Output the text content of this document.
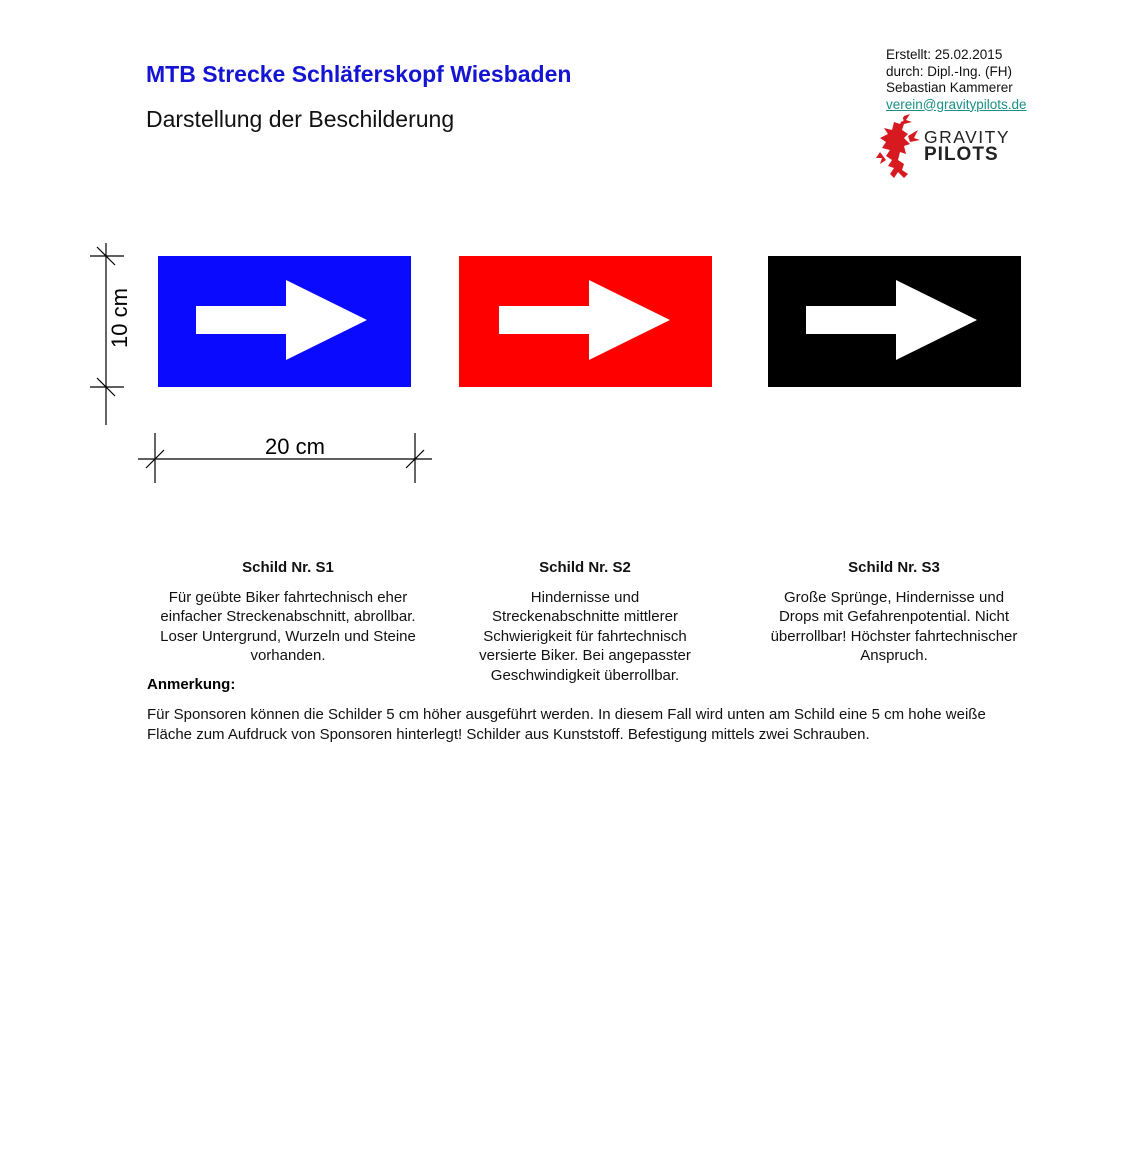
MTB Strecke Schläferskopf Wiesbaden
Darstellung der Beschilderung
Erstellt: 25.02.2015
durch: Dipl.-Ing. (FH)
Sebastian Kammerer
verein@gravitypilots.de
GRAVITY
PILOTS
10 cm
20 cm
Schild Nr. S1
Für geübte Biker fahrtechnisch eher einfacher Streckenabschnitt, abrollbar. Loser Untergrund, Wurzeln und Steine vorhanden.
Schild Nr. S2
Hindernisse und Streckenabschnitte mittlerer Schwierigkeit für fahrtechnisch versierte Biker. Bei angepasster Geschwindigkeit überrollbar.
Schild Nr. S3
Große Sprünge, Hindernisse und Drops mit Gefahrenpotential. Nicht überrollbar! Höchster fahrtechnischer Anspruch.
Anmerkung:
Für Sponsoren können die Schilder 5 cm höher ausgeführt werden. In diesem Fall wird unten am Schild eine 5 cm hohe weiße Fläche zum Aufdruck von Sponsoren hinterlegt! Schilder aus Kunststoff. Befestigung mittels zwei Schrauben.
